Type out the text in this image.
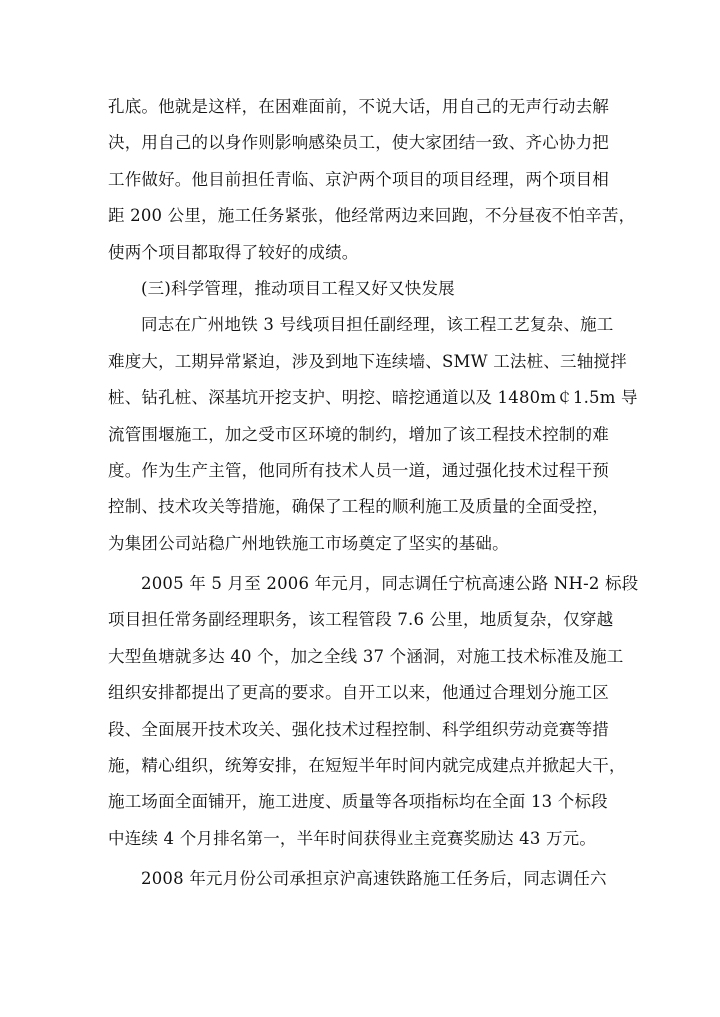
孔底。他就是这样，在困难面前，不说大话，用自己的无声行动去解
决，用自己的以身作则影响感染员工，使大家团结一致、齐心协力把
工作做好。他目前担任青临、京沪两个项目的项目经理，两个项目相
距 200 公里，施工任务紧张，他经常两边来回跑，不分昼夜不怕辛苦，
使两个项目都取得了较好的成绩。
(三)科学管理，推动项目工程又好又快发展
同志在广州地铁 3 号线项目担任副经理，该工程工艺复杂、施工
难度大，工期异常紧迫，涉及到地下连续墙、SMW 工法桩、三轴搅拌
桩、钻孔桩、深基坑开挖支护、明挖、暗挖通道以及 1480m￠1.5m 导
流管围堰施工，加之受市区环境的制约，增加了该工程技术控制的难
度。作为生产主管，他同所有技术人员一道，通过强化技术过程干预
控制、技术攻关等措施，确保了工程的顺利施工及质量的全面受控，
为集团公司站稳广州地铁施工市场奠定了坚实的基础。
2005 年 5 月至 2006 年元月，同志调任宁杭高速公路 NH-2 标段
项目担任常务副经理职务，该工程管段 7.6 公里，地质复杂，仅穿越
大型鱼塘就多达 40 个，加之全线 37 个涵洞，对施工技术标准及施工
组织安排都提出了更高的要求。自开工以来，他通过合理划分施工区
段、全面展开技术攻关、强化技术过程控制、科学组织劳动竞赛等措
施，精心组织，统筹安排，在短短半年时间内就完成建点并掀起大干，
施工场面全面铺开，施工进度、质量等各项指标均在全面 13 个标段
中连续 4 个月排名第一，半年时间获得业主竞赛奖励达 43 万元。
2008 年元月份公司承担京沪高速铁路施工任务后，同志调任六
